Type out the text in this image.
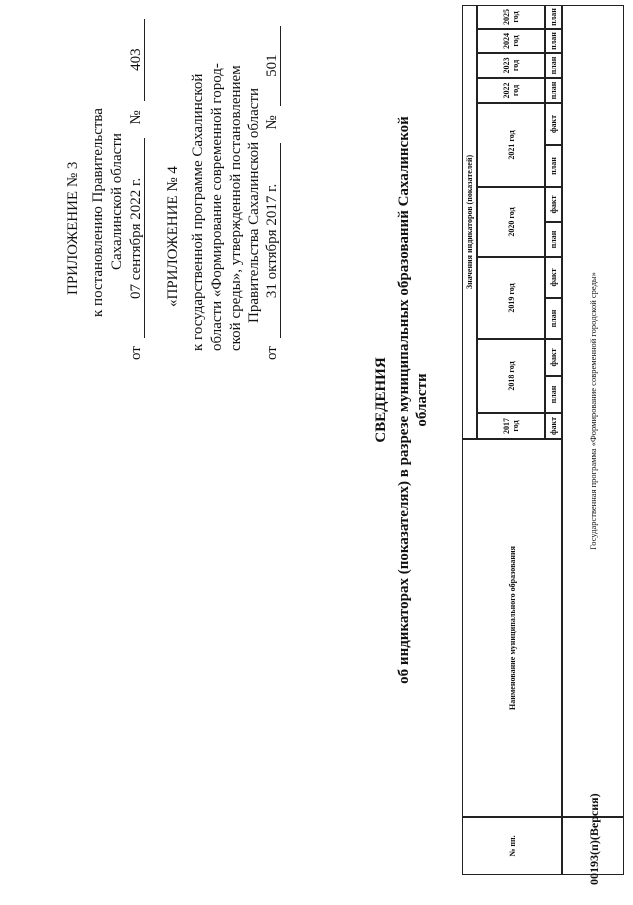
ПРИЛОЖЕНИЕ № 3 к постановлению Правительства Сахалинской области
от 07 сентября 2022 г. № 403
«ПРИЛОЖЕНИЕ № 4 к государственной программе Сахалинской области «Формирование современной город- ской среды», утвержденной постановлением Правительства Сахалинской области
от 31 октября 2017 г. № 501
СВЕДЕНИЯ об индикаторах (показателях) в разрезе муниципальных образований Сахалинской области
№ пп.
Наименование муниципального образования
Значения индикаторов (показателей)
2017 год
2018 год
2019 год
2020 год
2021 год
2022 год
2023 год
2024 год
2025 год
факт
план
факт
план
факт
план
факт
план
факт
план
план
план
план
Государственная программа «Формирование современной городской среды»
00193(п)(Версия)
